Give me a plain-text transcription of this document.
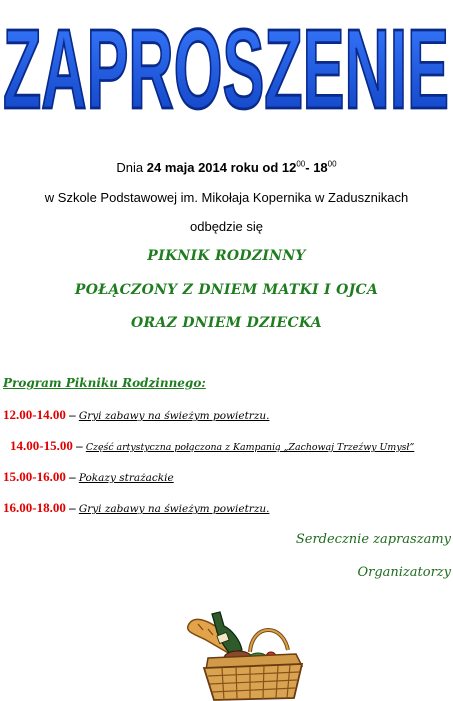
ZAPROSZENIE
Dnia 24 maja 2014 roku od $12^{00}-$ $18^{00}$
w Szkole Podstawowej im. Mikołaja Kopernika w Zadusznikach
odbędzie się
PIKNIK RODZINNY
POŁĄCZONY Z DNIEM MATKI I OJCA
ORAZ DNIEM DZIECKA
Program Pikniku Rodzinnego:
12.00-14.00 – Gryi zabawy na świeżym powietrzu.
14.00-15.00 – Część artystyczna połączona z Kampanią „Zachowaj Trzeźwy Umysł”
15.00-16.00 – Pokazy strażackie
16.00-18.00 – Gryi zabawy na świeżym powietrzu.
Serdecznie zapraszamy
Organizatorzy
